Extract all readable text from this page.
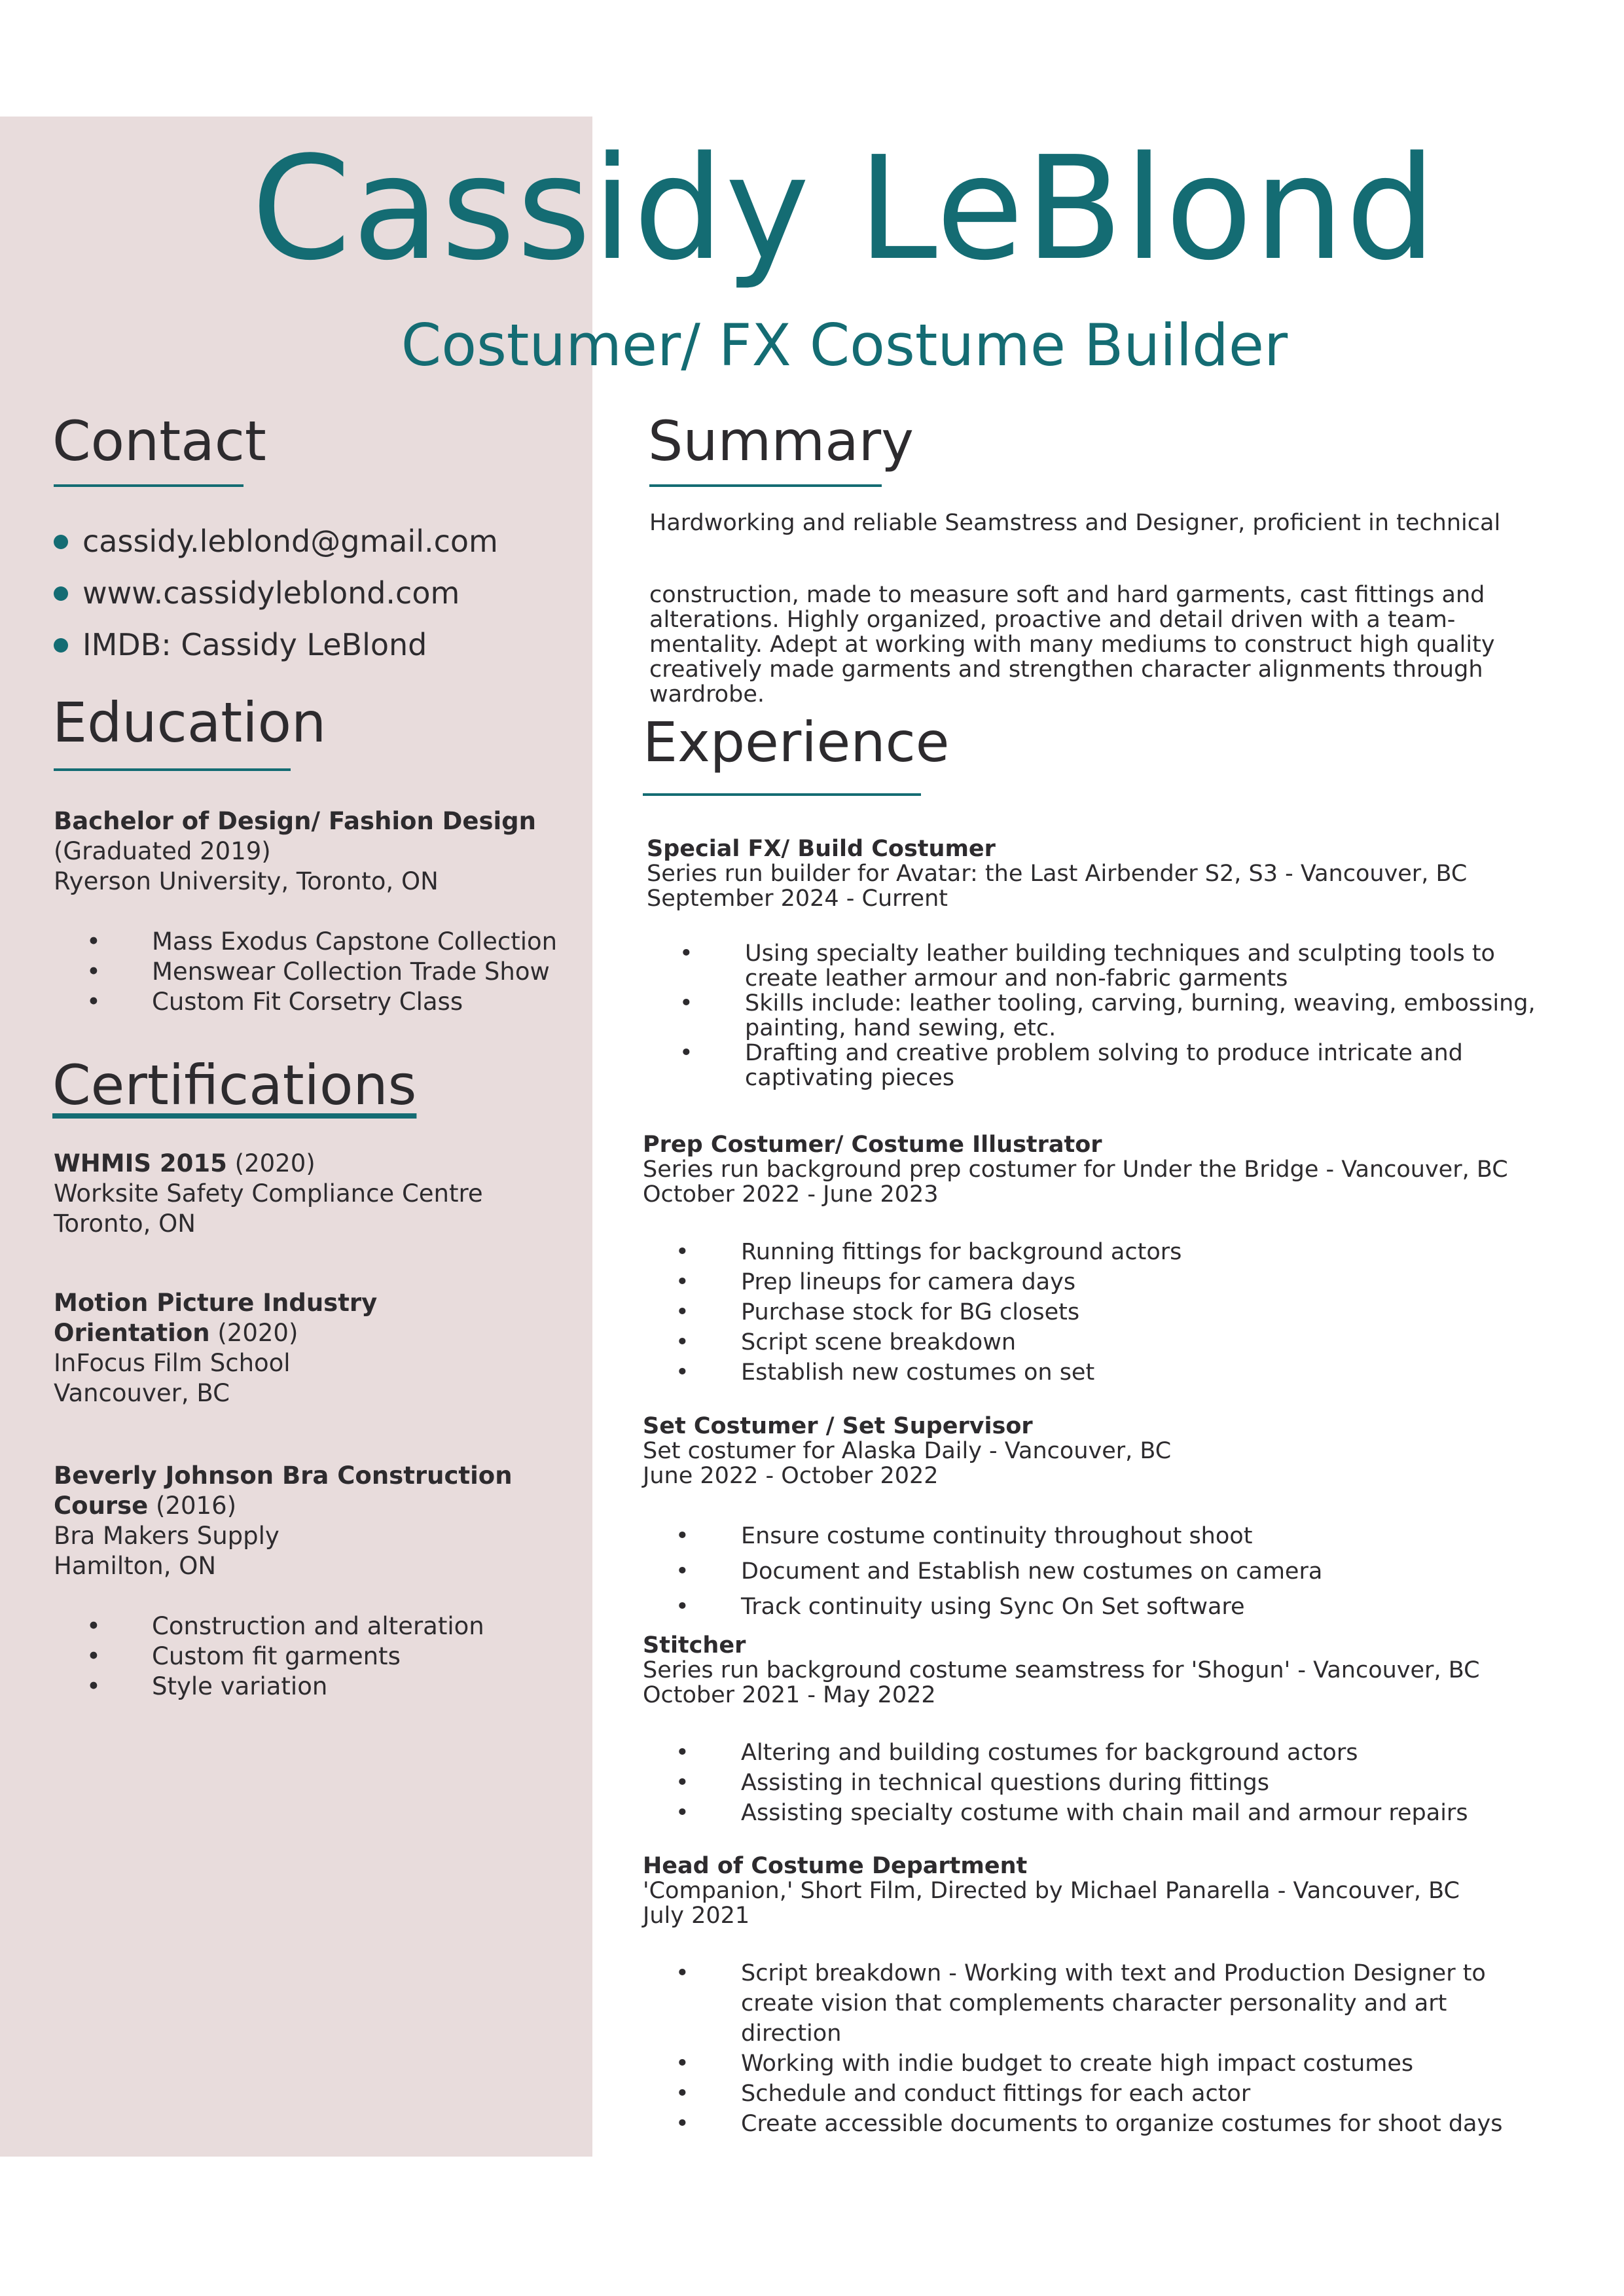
Cassidy LeBlond
Costumer/ FX Costume Builder
Contact
cassidy.leblond@gmail.com
www.cassidyleblond.com
IMDB: Cassidy LeBlond
Education
Bachelor of Design/ Fashion Design
(Graduated 2019)
Ryerson University, Toronto, ON
• Mass Exodus Capstone Collection
• Menswear Collection Trade Show
• Custom Fit Corsetry Class
Certifications
WHMIS 2015 (2020)
Worksite Safety Compliance Centre
Toronto, ON
Motion Picture Industry
Orientation (2020)
InFocus Film School
Vancouver, BC
Beverly Johnson Bra Construction
Course (2016)
Bra Makers Supply
Hamilton, ON
• Construction and alteration
• Custom fit garments
• Style variation
Summary
Hardworking and reliable Seamstress and Designer, proficient in technical
construction, made to measure soft and hard garments, cast fittings and
alterations. Highly organized, proactive and detail driven with a team-
mentality. Adept at working with many mediums to construct high quality
creatively made garments and strengthen character alignments through
wardrobe.
Experience
Special FX/ Build Costumer
Series run builder for Avatar: the Last Airbender S2, S3 - Vancouver, BC
September 2024 - Current
• Using specialty leather building techniques and sculpting tools to
create leather armour and non-fabric garments
• Skills include: leather tooling, carving, burning, weaving, embossing,
painting, hand sewing, etc.
• Drafting and creative problem solving to produce intricate and
captivating pieces
Prep Costumer/ Costume Illustrator
Series run background prep costumer for Under the Bridge - Vancouver, BC
October 2022 - June 2023
• Running fittings for background actors
• Prep lineups for camera days
• Purchase stock for BG closets
• Script scene breakdown
• Establish new costumes on set
Set Costumer / Set Supervisor
Set costumer for Alaska Daily - Vancouver, BC
June 2022 - October 2022
• Ensure costume continuity throughout shoot
• Document and Establish new costumes on camera
• Track continuity using Sync On Set software
Stitcher
Series run background costume seamstress for 'Shogun' - Vancouver, BC
October 2021 - May 2022
• Altering and building costumes for background actors
• Assisting in technical questions during fittings
• Assisting specialty costume with chain mail and armour repairs
Head of Costume Department
'Companion,' Short Film, Directed by Michael Panarella - Vancouver, BC
July 2021
• Script breakdown - Working with text and Production Designer to
create vision that complements character personality and art
direction
• Working with indie budget to create high impact costumes
• Schedule and conduct fittings for each actor
• Create accessible documents to organize costumes for shoot days
